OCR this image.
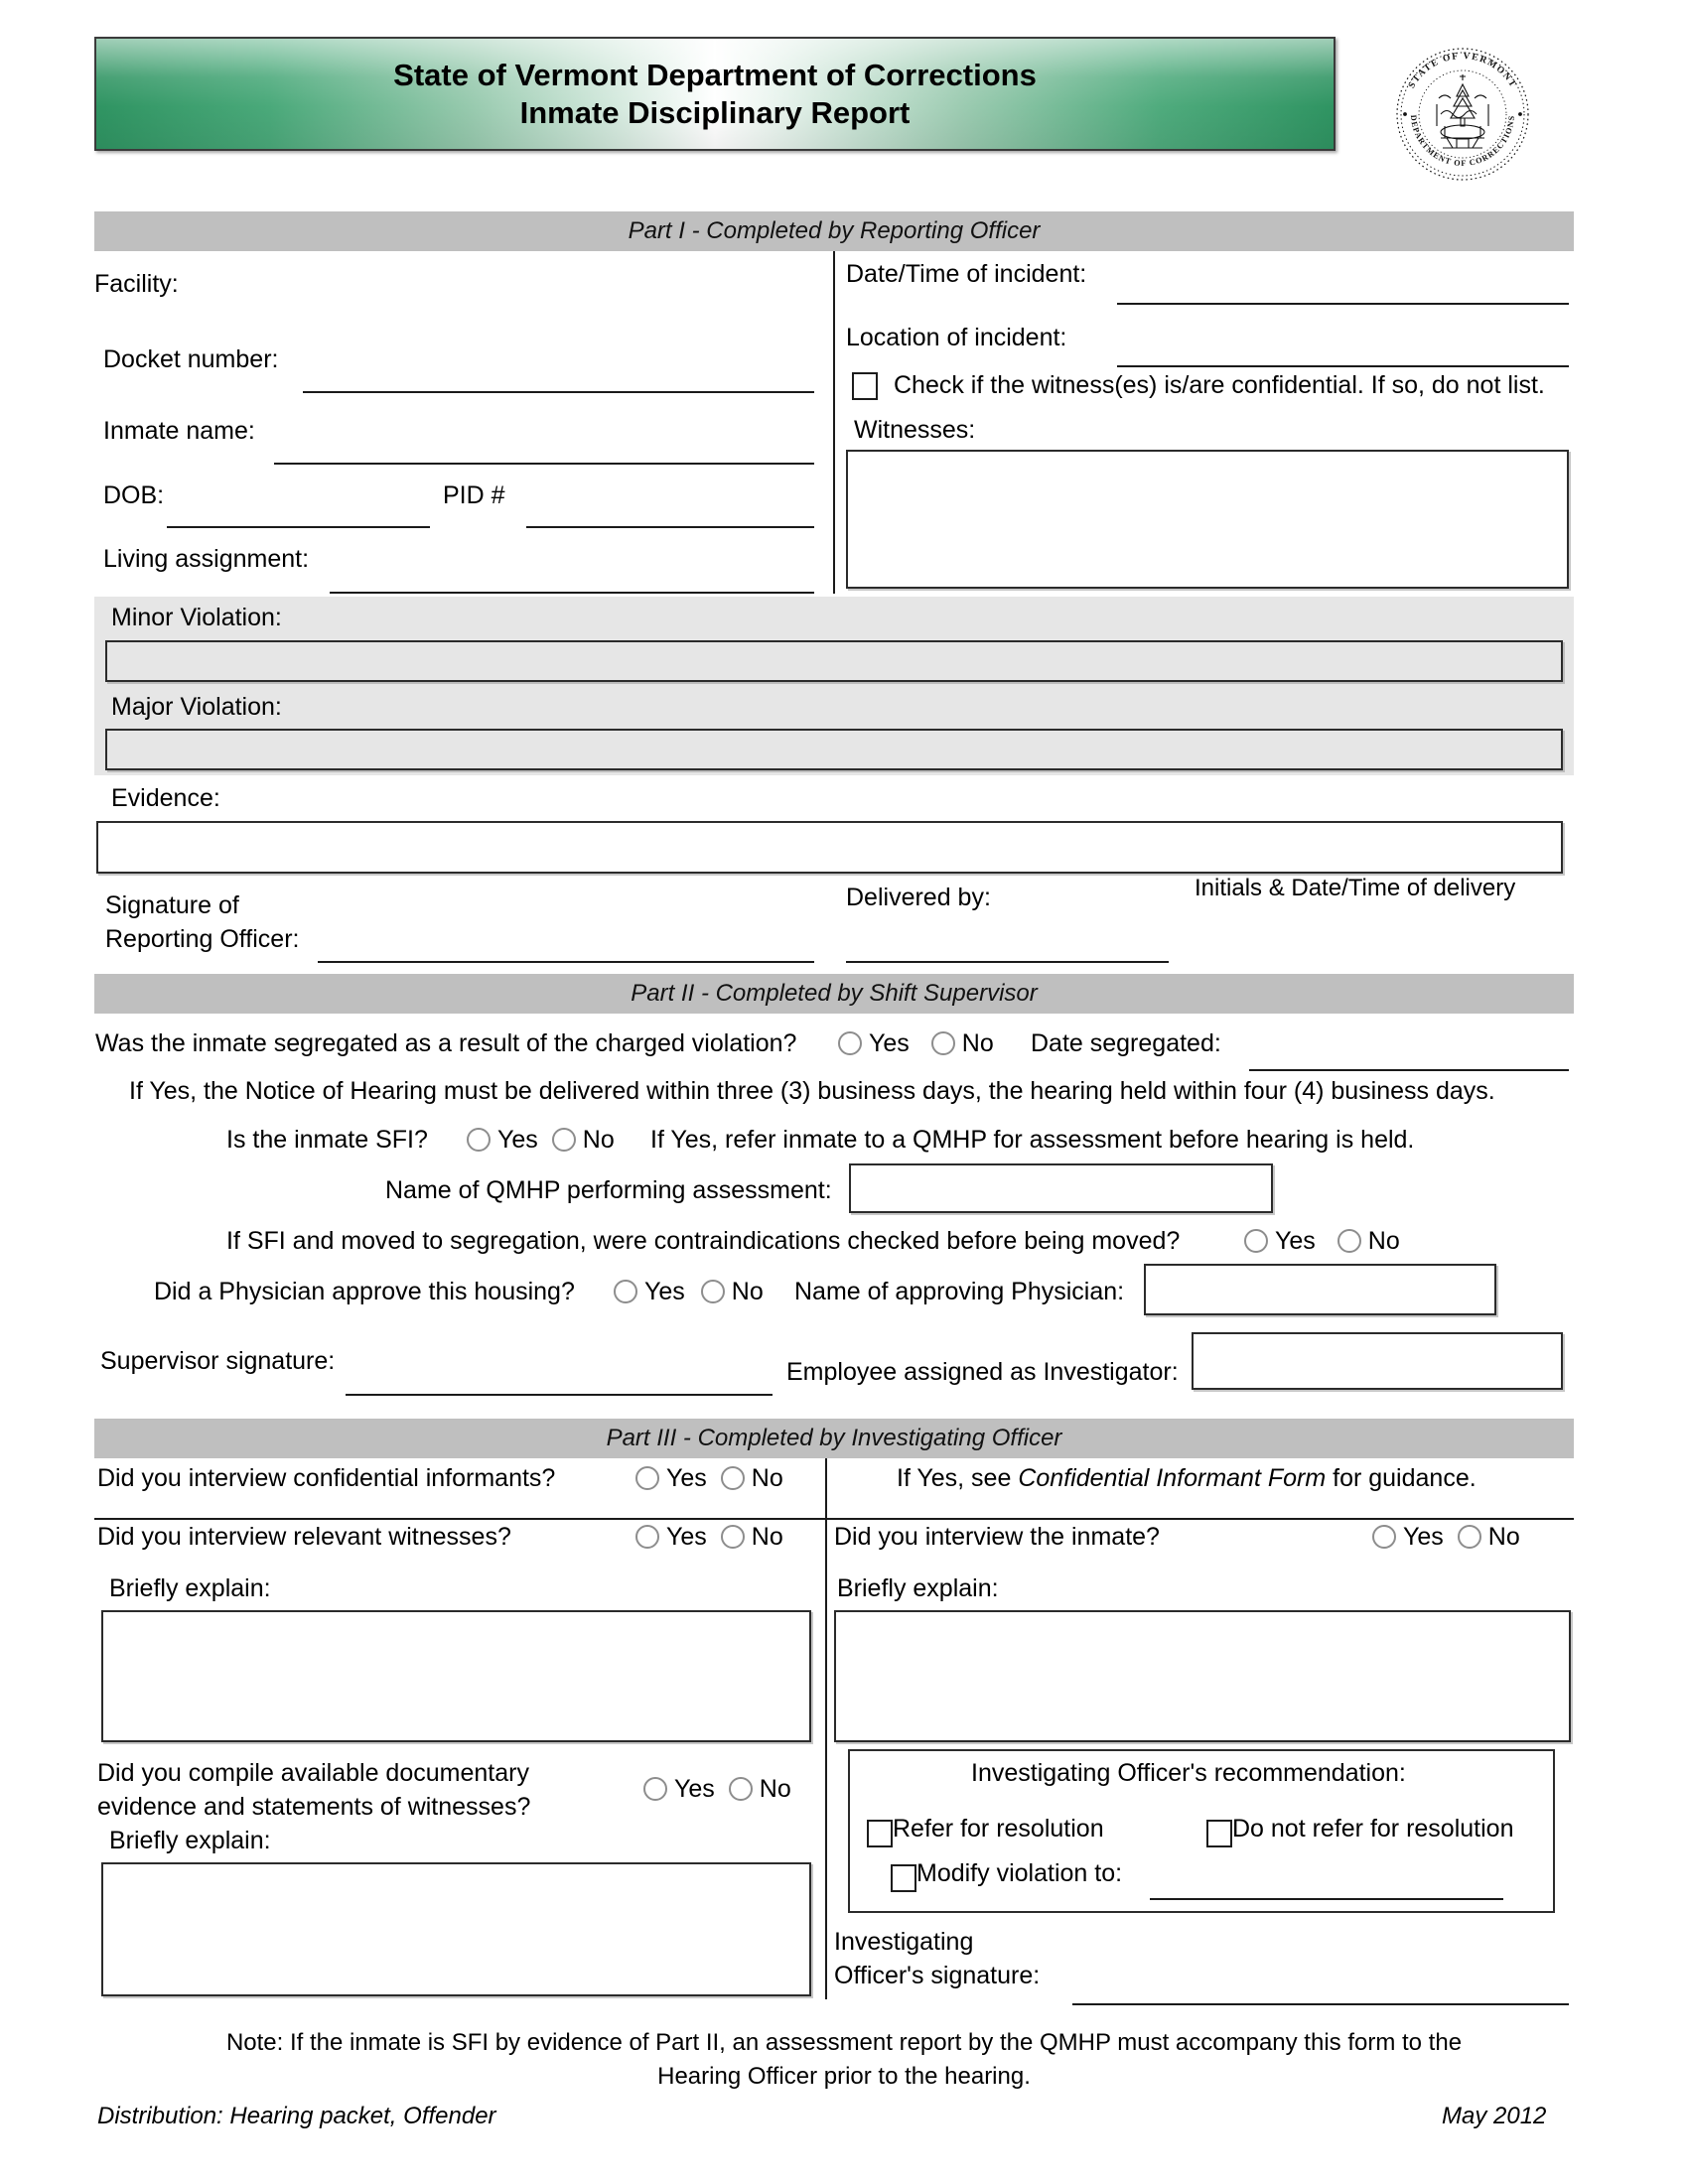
State of Vermont Department of Corrections
Inmate Disciplinary Report
STATE OF VERMONT
DEPARTMENT OF CORRECTIONS
Part I - Completed by Reporting Officer
Facility:
Docket number:
Inmate name:
DOB:	PID #
Living assignment:
Date/Time of incident:
Location of incident:
Check if the witness(es) is/are confidential. If so, do not list.
Witnesses:
Minor Violation:
Major Violation:
Evidence:
Signature of
Reporting Officer:
Delivered by:	Initials & Date/Time of delivery
Part II - Completed by Shift Supervisor
Was the inmate segregated as a result of the charged violation?	Yes No Date segregated:
If Yes, the Notice of Hearing must be delivered within three (3) business days, the hearing held within four (4) business days.
Is the inmate SFI?	Yes No If Yes, refer inmate to a QMHP for assessment before hearing is held.
Name of QMHP performing assessment:
If SFI and moved to segregation, were contraindications checked before being moved?	Yes No
Did a Physician approve this housing?	Yes No Name of approving Physician:
Supervisor signature:	Employee assigned as Investigator:
Part III - Completed by Investigating Officer
Did you interview confidential informants?	Yes No	If Yes, see Confidential Informant Form for guidance.
Did you interview relevant witnesses?	Yes No Did you interview the inmate?	Yes No
Briefly explain:	Briefly explain:
Did you compile available documentary
evidence and statements of witnesses?
Yes No
Briefly explain:
Investigating Officer's recommendation:
Refer for resolution	Do not refer for resolution
Modify violation to:
Investigating
Officer's signature:
Note: If the inmate is SFI by evidence of Part II, an assessment report by the QMHP must accompany this form to the
Hearing Officer prior to the hearing.
Distribution: Hearing packet, Offender	May 2012
